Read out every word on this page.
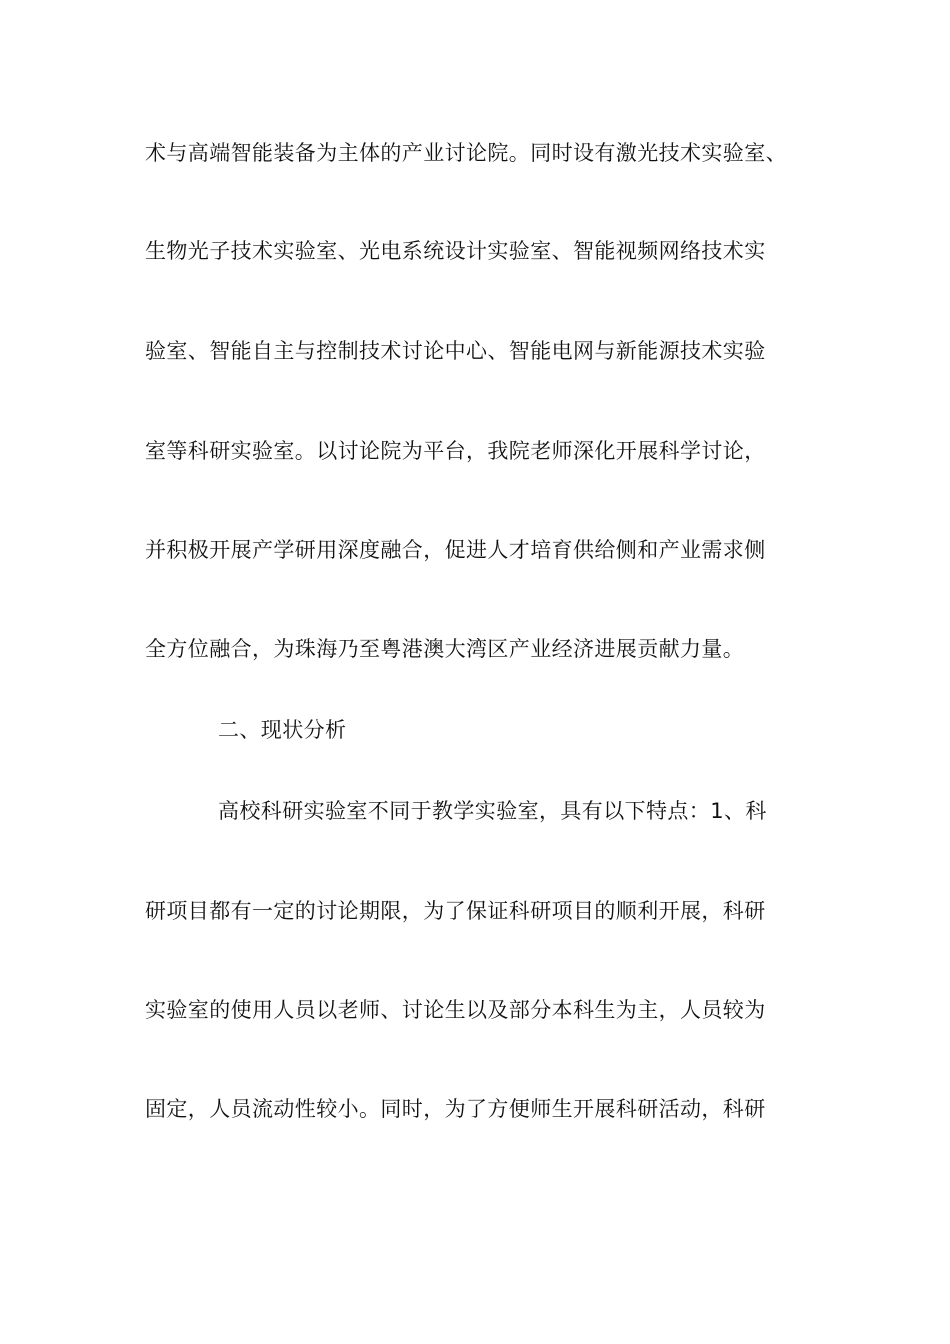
术与高端智能装备为主体的产业讨论院。同时设有激光技术实验室、
生物光子技术实验室、光电系统设计实验室、智能视频网络技术实
验室、智能自主与控制技术讨论中心、智能电网与新能源技术实验
室等科研实验室。以讨论院为平台，我院老师深化开展科学讨论，
并积极开展产学研用深度融合，促进人才培育供给侧和产业需求侧
全方位融合，为珠海乃至粤港澳大湾区产业经济进展贡献力量。
二、现状分析
高校科研实验室不同于教学实验室，具有以下特点：1、科
研项目都有一定的讨论期限，为了保证科研项目的顺利开展，科研
实验室的使用人员以老师、讨论生以及部分本科生为主，人员较为
固定，人员流动性较小。同时，为了方便师生开展科研活动，科研
